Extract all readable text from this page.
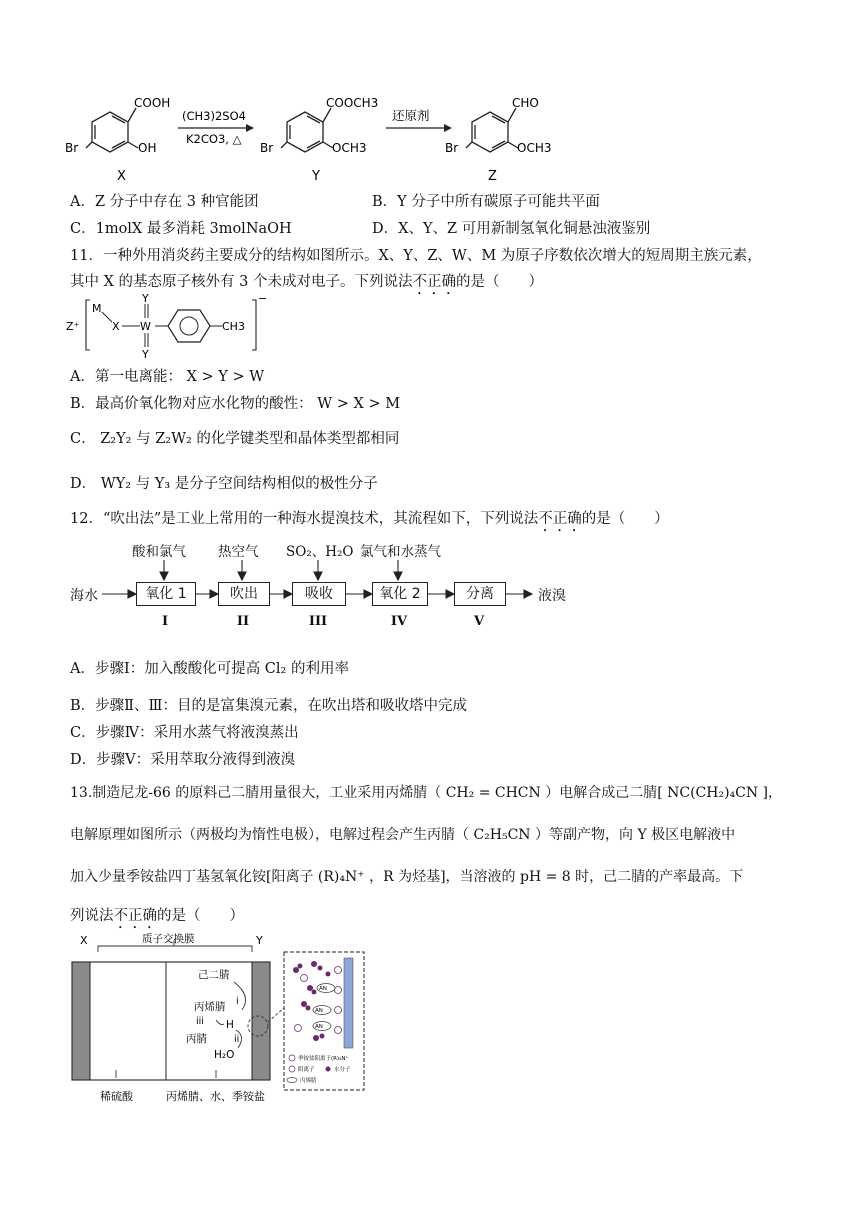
COOH
OH
Br
X
(CH3)2SO4
K2CO3, △
COOCH3
OCH3
Br
Y
还原剂
CHO
OCH3
Br
Z
A．Z 分子中存在 3 种官能团	B．Y 分子中所有碳原子可能共平面
C．1molX 最多消耗 3molNaOH	D．X、Y、Z 可用新制氢氧化铜悬浊液鉴别
11．一种外用消炎药主要成分的结构如图所示。X、Y、Z、W、M 为原子序数依次增大的短周期主族元素，
其中 X 的基态原子核外有 3 个未成对电子。下列说法不正确的是（　　）
Z⁺
M
X W
Y
Y
CH3
−
A．第一电离能： X > Y > W
B．最高价氧化物对应水化物的酸性： W > X > M
C． Z₂Y₂ 与 Z₂W₂ 的化学键类型和晶体类型都相同
D． WY₂ 与 Y₃ 是分子空间结构相似的极性分子
12．“吹出法”是工业上常用的一种海水提溴技术，其流程如下，下列说法不正确的是（　　）
酸和氯气 热空气 SO₂、H₂O 氯气和水蒸气
海水	氧化 1	吹出	吸收	氧化 2	分离	液溴
I	II	III	IV	V
A．步骤Ⅰ：加入酸酸化可提高 Cl₂ 的利用率
B．步骤Ⅱ、Ⅲ：目的是富集溴元素，在吹出塔和吸收塔中完成
C．步骤Ⅳ：采用水蒸气将液溴蒸出
D．步骤Ⅴ：采用萃取分液得到液溴
13.制造尼龙-66 的原料己二腈用量很大，工业采用丙烯腈（ CH₂ = CHCN ）电解合成己二腈[ NC(CH₂)₄CN ]，
电解原理如图所示（两极均为惰性电极），电解过程会产生丙腈（ C₂H₅CN ）等副产物，向 Y 极区电解液中
加入少量季铵盐四丁基氢氧化铵[阳离子 (R)₄N⁺ ，R 为烃基]，当溶液的 pH = 8 时，己二腈的产率最高。下
列说法不正确的是（　　）
X	Y
质子交换膜
己二腈
i
丙烯腈
iii H
丙腈	ii
H₂O
稀硫酸	丙烯腈、水、季铵盐
AN
AN
AN
季铵盐阳离子(R)₄N⁺
阴离子	水分子
丙烯腈
